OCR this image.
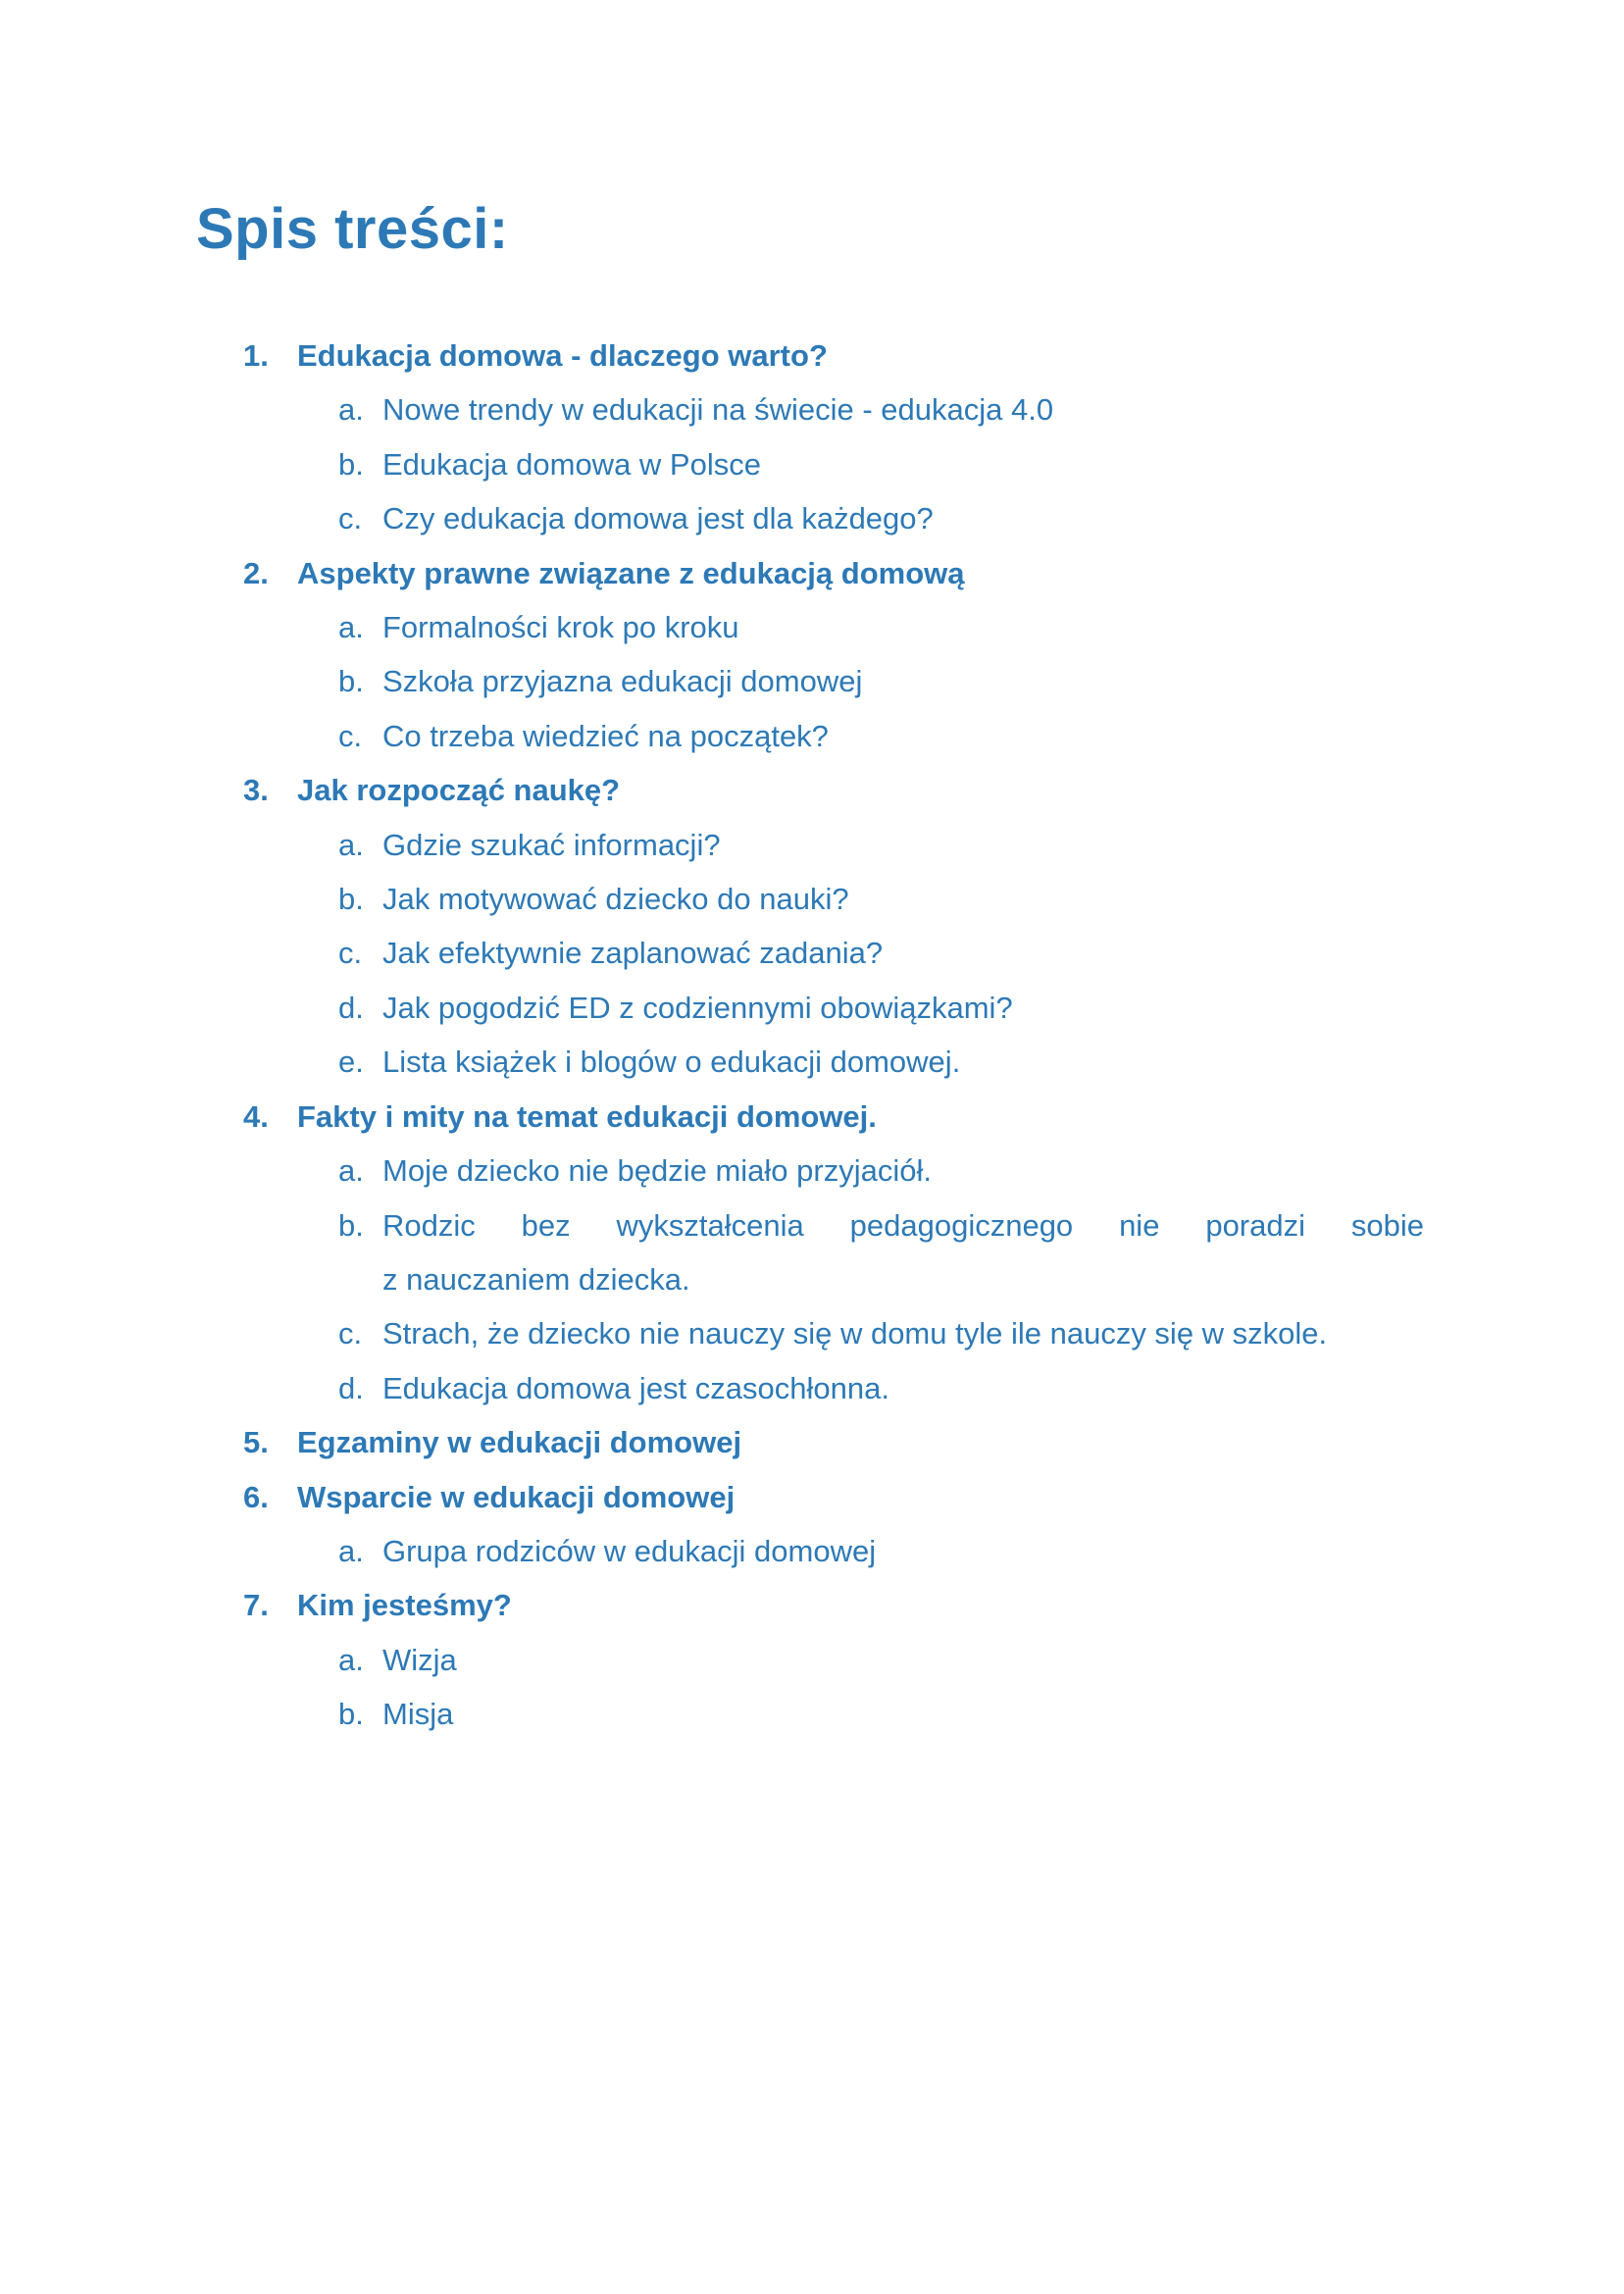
Spis treści:
1. Edukacja domowa - dlaczego warto?
a. Nowe trendy w edukacji na świecie - edukacja 4.0
b. Edukacja domowa w Polsce
c. Czy edukacja domowa jest dla każdego?
2. Aspekty prawne związane z edukacją domową
a. Formalności krok po kroku
b. Szkoła przyjazna edukacji domowej
c. Co trzeba wiedzieć na początek?
3. Jak rozpocząć naukę?
a. Gdzie szukać informacji?
b. Jak motywować dziecko do nauki?
c. Jak efektywnie zaplanować zadania?
d. Jak pogodzić ED z codziennymi obowiązkami?
e. Lista książek i blogów o edukacji domowej.
4. Fakty i mity na temat edukacji domowej.
a. Moje dziecko nie będzie miało przyjaciół.
b. Rodzic bez wykształcenia pedagogicznego nie poradzi sobie
z nauczaniem dziecka.
c. Strach, że dziecko nie nauczy się w domu tyle ile nauczy się w szkole.
d. Edukacja domowa jest czasochłonna.
5. Egzaminy w edukacji domowej
6. Wsparcie w edukacji domowej
a. Grupa rodziców w edukacji domowej
7. Kim jesteśmy?
a. Wizja
b. Misja
